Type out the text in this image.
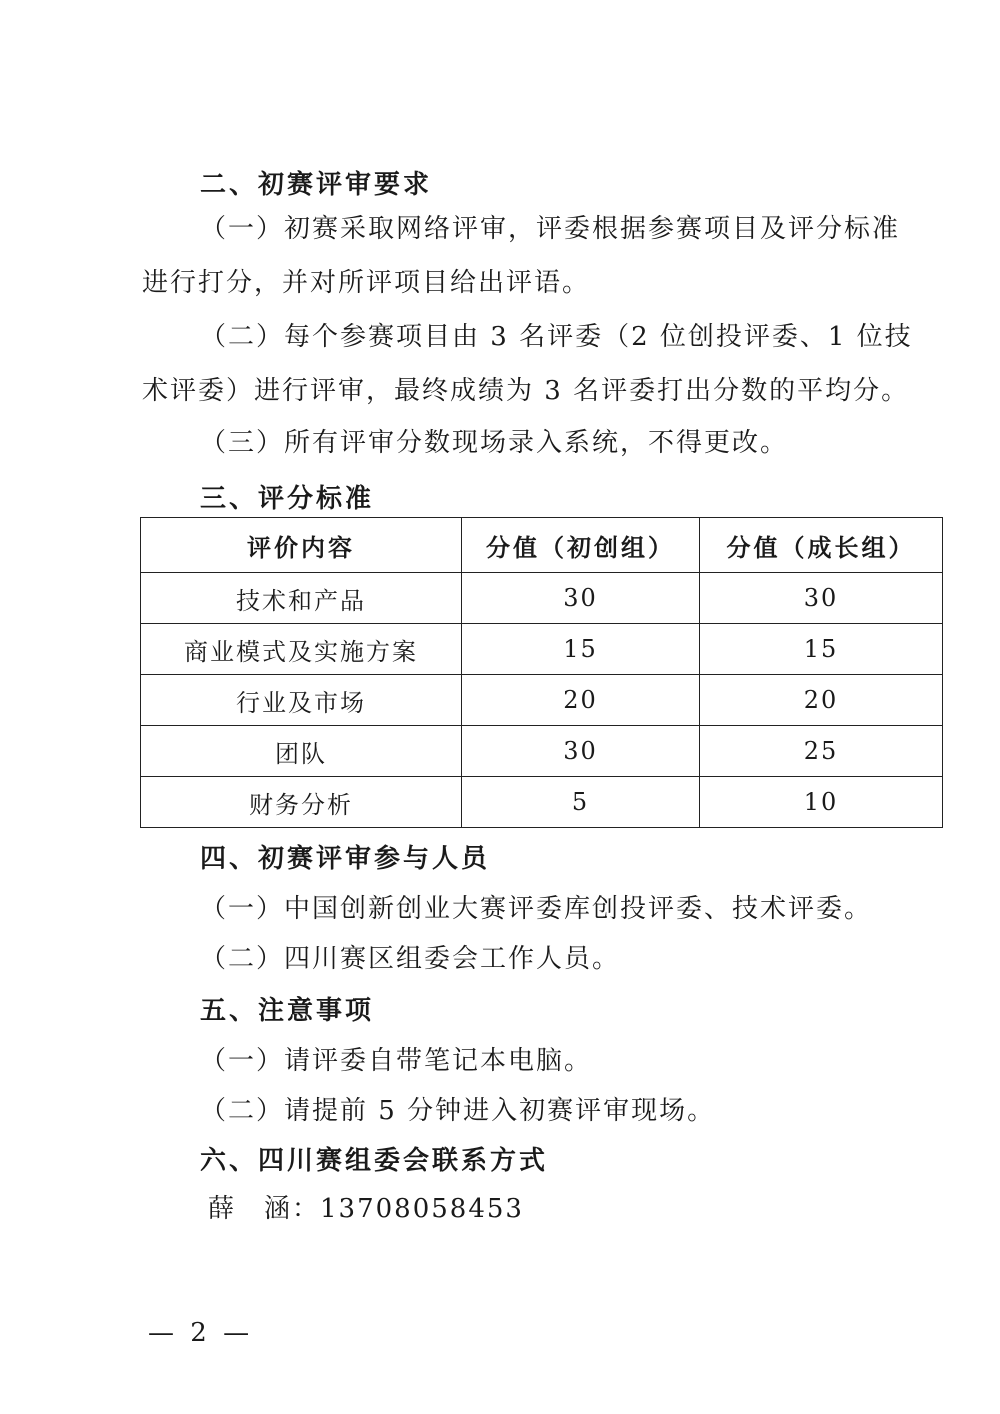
二、初赛评审要求
（一）初赛采取网络评审，评委根据参赛项目及评分标准
进行打分，并对所评项目给出评语。
（二）每个参赛项目由 3 名评委（2 位创投评委、1 位技
术评委）进行评审，最终成绩为 3 名评委打出分数的平均分。
（三）所有评审分数现场录入系统，不得更改。
三、评分标准
评价内容	分值（初创组）	分值（成长组）
技术和产品	30	30
商业模式及实施方案	15	15
行业及市场	20	20
团队	30	25
财务分析	5	10
四、初赛评审参与人员
（一）中国创新创业大赛评委库创投评委、技术评委。
（二）四川赛区组委会工作人员。
五、注意事项
（一）请评委自带笔记本电脑。
（二）请提前 5 分钟进入初赛评审现场。
六、四川赛组委会联系方式
薛　涵：13708058453
— 2 —
